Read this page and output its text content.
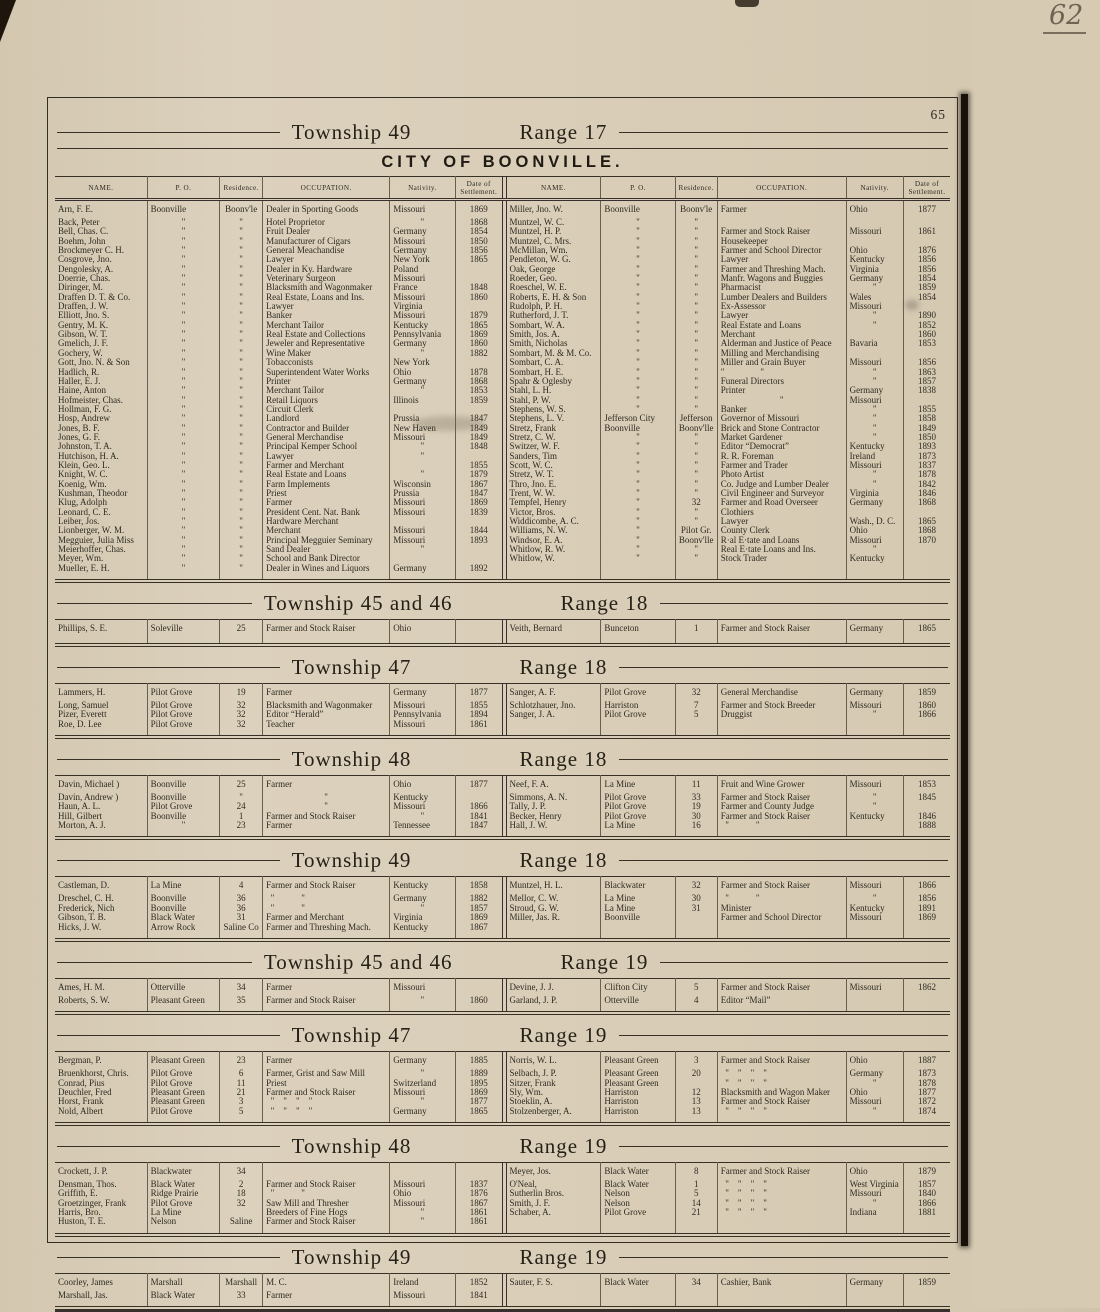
62
65
Township 49	Range 17
CITY OF BOONVILLE.
NAME.	P. O.	Residence.	OCCUPATION.	Nativity.	Date of Settlement.		NAME.	P. O.	Residence.	OCCUPATION.	Nativity.	Date of Settlement.
Arn, F. E.	Boonville	Boonv'le	Dealer in Sporting Goods	Missouri	1869		Miller, Jno. W.	Boonville	Boonv'le	Farmer	Ohio	1877
Back, Peter	"	"	Hotel Proprietor	"	1868		Muntzel, W. C.	"	"			
Bell, Chas. C.	"	"	Fruit Dealer	Germany	1854		Muntzel, H. P.	"	"	Farmer and Stock Raiser	Missouri	1861
Boehm, John	"	"	Manufacturer of Cigars	Missouri	1850		Muntzel, C. Mrs.	"	"	Housekeeper		
Brockmeyer C. H.	"	"	General Meachandise	Germany	1856		McMillan, Wm.	"	"	Farmer and School Director	Ohio	1876
Cosgrove, Jno.	"	"	Lawyer	New York	1865		Pendleton, W. G.	"	"	Lawyer	Kentucky	1856
Dengolesky, A.	"	"	Dealer in Ky. Hardware	Poland			Oak, George	"	"	Farmer and Threshing Mach.	Virginia	1856
Doerrie, Chas.	"	"	Veterinary Surgeon	Missouri			Roeder, Geo.	"	"	Manfr. Wagons and Buggies	Germany	1854
Diringer, M.	"	"	Blacksmith and Wagonmaker	France	1848		Roeschel, W. E.	"	"	Pharmacist	"	1859
Draffen D. T. & Co.	"	"	Real Estate, Loans and Ins.	Missouri	1860		Roberts, E. H. & Son	"	"	Lumber Dealers and Builders	Wales	1854
Draffen, J. W.	"	"	Lawyer	Virginia			Rudolph, P. H.	"	"	Ex-Assessor	Missouri	
Elliott, Jno. S.	"	"	Banker	Missouri	1879		Rutherford, J. T.	"	"	Lawyer	"	1890
Gentry, M. K.	"	"	Merchant Tailor	Kentucky	1865		Sombart, W. A.	"	"	Real Estate and Loans	"	1852
Gibson, W. T.	"	"	Real Estate and Collections	Pennsylvania	1869		Smith, Jos. A.	"	"	Merchant		1860
Gmelich, J. F.	"	"	Jeweler and Representative	Germany	1860		Smith, Nicholas	"	"	Alderman and Justice of Peace	Bavaria	1853
Gochery, W.	"	"	Wine Maker	"	1882		Sombart, M. & M. Co.	"	"	Milling and Merchandising		
Gott, Jno. N. & Son	"	"	Tobacconists	New York			Sombart, C. A.	"	"	Miller and Grain Buyer	Missouri	1856
Hadlich, R.	"	"	Superintendent Water Works	Ohio	1878		Sombart, H. E.	"	"	"                "	"	1863
Haller, E. J.	"	"	Printer	Germany	1868		Spahr & Oglesby	"	"	Funeral Directors	"	1857
Haine, Anton	"	"	Merchant Tailor	"	1853		Stahl, L. H.	"	"	Printer	Germany	1838
Hofmeister, Chas.	"	"	Retail Liquors	Illinois	1859		Stahl, P. W.	"	"	"	Missouri	
Hollman, F. G.	"	"	Circuit Clerk				Stephens, W. S.	"	"	Banker	"	1855
Hosp, Andrew	"	"	Landlord	Prussia	1847		Stephens, L. V.	Jefferson City	Jefferson	Governor of Missouri	"	1858
Jones, B. F.	"	"	Contractor and Builder	New Haven	1849		Stretz, Frank	Boonville	Boonv'lle	Brick and Stone Contractor	"	1849
Jones, G. F.	"	"	General Merchandise	Missouri	1849		Stretz, C. W.	"	"	Market Gardener	"	1850
Johnston, T. A.	"	"	Principal Kemper School	"	1848		Switzer, W. F.	"	"	Editor “Democrat”	Kentucky	1893
Hutchison, H. A.	"	"	Lawyer	"			Sanders, Tim	"	"	R. R. Foreman	Ireland	1873
Klein, Geo. L.	"	"	Farmer and Merchant		1855		Scott, W. C.	"	"	Farmer and Trader	Missouri	1837
Knight, W. C.	"	"	Real Estate and Loans	"	1879		Stretz, W. T.	"	"	Photo Artist	"	1878
Koenig, Wm.	"	"	Farm Implements	Wisconsin	1867		Thro, Jno. E.	"	"	Co. Judge and Lumber Dealer	"	1842
Kushman, Theodor	"	"	Priest	Prussia	1847		Trent, W. W.	"	"	Civil Engineer and Surveyor	Virginia	1846
Klug, Adolph	"	"	Farmer	Missouri	1869		Tempfel, Henry	"	32	Farmer and Road Overseer	Germany	1868
Leonard, C. E.	"	"	President Cent. Nat. Bank	Missouri	1839		Victor, Bros.	"	"	Clothiers		
Leiber, Jos.	"	"	Hardware Merchant				Widdicombe, A. C.	"	"	Lawyer	Wash., D. C.	1865
Lionberger, W. M.	"	"	Merchant	Missouri	1844		Williams, N. W.	"	Pilot Gr.	County Clerk	Ohio	1868
Megguier, Julia Miss	"	"	Principal Megguier Seminary	Missouri	1893		Windsor, E. A.	"	Boonv'lle	R·al E·tate and Loans	Missouri	1870
Meierhoffer, Chas.	"	"	Sand Dealer	"			Whitlow, R. W.	"	"	Real E·tate Loans and Ins.	"	
Meyer, Wm.	"	"	School and Bank Director				Whitlow, W.	"	"	Stock Trader	Kentucky	
Mueller, E. H.	"	"	Dealer in Wines and Liquors	Germany	1892							
Township 45 and 46	Range 18
Phillips, S. E.	Soleville	25	Farmer and Stock Raiser	Ohio			Veith, Bernard	Bunceton	1	Farmer and Stock Raiser	Germany	1865
Township 47	Range 18
Lammers, H.	Pilot Grove	19	Farmer	Germany	1877		Sanger, A. F.	Pilot Grove	32	General Merchandise	Germany	1859
Long, Samuel	Pilot Grove	32	Blacksmith and Wagonmaker	Missouri	1855		Schlotzhauer, Jno.	Harriston	7	Farmer and Stock Breeder	Missouri	1860
Pizer, Everett	Pilot Grove	32	Editor “Herald”	Pennsylvania	1894		Sanger, J. A.	Pilot Grove	5	Druggist	"	1866
Roe, D. Lee	Pilot Grove	32	Teacher	Missouri	1861							
Township 48	Range 18
Davin, Michael )	Boonville	25	Farmer	Ohio	1877		Neef, F. A.	La Mine	11	Fruit and Wine Grower	Missouri	1853
Davin, Andrew )	Boonville	"	"	Kentucky			Simmons, A. N.	Pilot Grove	33	Farmer and Stock Raiser	"	1845
Haun, A. L.	Pilot Grove	24	"	Missouri	1866		Tally, J. P.	Pilot Grove	19	Farmer and County Judge	"	
Hill, Gilbert	Boonville	1	Farmer and Stock Raiser	"	1841		Becker, Henry	Pilot Grove	30	Farmer and Stock Raiser	Kentucky	1846
Morton, A. J.	"	23	Farmer	Tennessee	1847		Hall, J. W.	La Mine	16	"            "		1888
Township 49	Range 18
Castleman, D.	La Mine	4	Farmer and Stock Raiser	Kentucky	1858		Muntzel, H. L.	Blackwater	32	Farmer and Stock Raiser	Missouri	1866
Dreschel, C. H.	Boonville	36	"            "	Germany	1882		Mellor, C. W.	La Mine	30	"            "	"	1856
Frederick, Nich	Boonville	36	"            "	"	1857		Stroud, G. W.	La Mine	31	Minister	Kentucky	1891
Gibson, T. B.	Black Water	31	Farmer and Merchant	Virginia	1869		Miller, Jas. R.	Boonville		Farmer and School Director	Missouri	1869
Hicks, J. W.	Arrow Rock	Saline Co	Farmer and Threshing Mach.	Kentucky	1867							
Township 45 and 46	Range 19
Ames, H. M.	Otterville	34	Farmer	Missouri			Devine, J. J.	Clifton City	5	Farmer and Stock Raiser	Missouri	1862
Roberts, S. W.	Pleasant Green	35	Farmer and Stock Raiser	"	1860		Garland, J. P.	Otterville	4	Editor “Mail”		
Township 47	Range 19
Bergman, P.	Pleasant Green	23	Farmer	Germany	1885		Norris, W. L.	Pleasant Green	3	Farmer and Stock Raiser	Ohio	1887
Bruenkhorst, Chris.	Pilot Grove	6	Farmer, Grist and Saw Mill	"	1889		Selbach, J. P.	Pleasant Green	20	"    "    "    "	Germany	1873
Conrad, Pius	Pilot Grove	11	Priest	Switzerland	1895		Sitzer, Frank	Pleasant Green		"    "    "    "	"	1878
Deuchler, Fred	Pleasant Green	21	Farmer and Stock Raiser	Missouri	1869		Sly, Wm.	Harriston	12	Blacksmith and Wagon Maker	Ohio	1877
Horst, Frank	Pleasant Green	3	"    "    "    "	"	1877		Stoeklin, A.	Harriston	13	Farmer and Stock Raiser	Missouri	1872
Nold, Albert	Pilot Grove	5	"    "    "    "	Germany	1865		Stolzenberger, A.	Harriston	13	"    "    "    "	"	1874
Township 48	Range 19
Crockett, J. P.	Blackwater	34					Meyer, Jos.	Black Water	8	Farmer and Stock Raiser	Ohio	1879
Densman, Thos.	Black Water	2	Farmer and Stock Raiser	Missouri	1837		O'Neal,	Black Water	1	"    "    "    "	West Virginia	1857
Griffith, E.	Ridge Prairie	18	"            "	Ohio	1876		Sutherlin Bros.	Nelson	5	"    "    "    "	Missouri	1840
Groetzinger, Frank	Pilot Grove	32	Saw Mill and Thresher	Missouri	1867		Smith, J. F.	Nelson	14	"    "    "    "	"	1866
Harris, Bro.	La Mine		Breeders of Fine Hogs	"	1861		Schaber, A.	Pilot Grove	21	"    "    "    "	Indiana	1881
Huston, T. E.	Nelson	Saline	Farmer and Stock Raiser	"	1861							
Township 49	Range 19
Coorley, James	Marshall	Marshall	M. C.	Ireland	1852		Sauter, F. S.	Black Water	34	Cashier, Bank	Germany	1859
Marshall, Jas.	Black Water	33	Farmer	Missouri	1841							
